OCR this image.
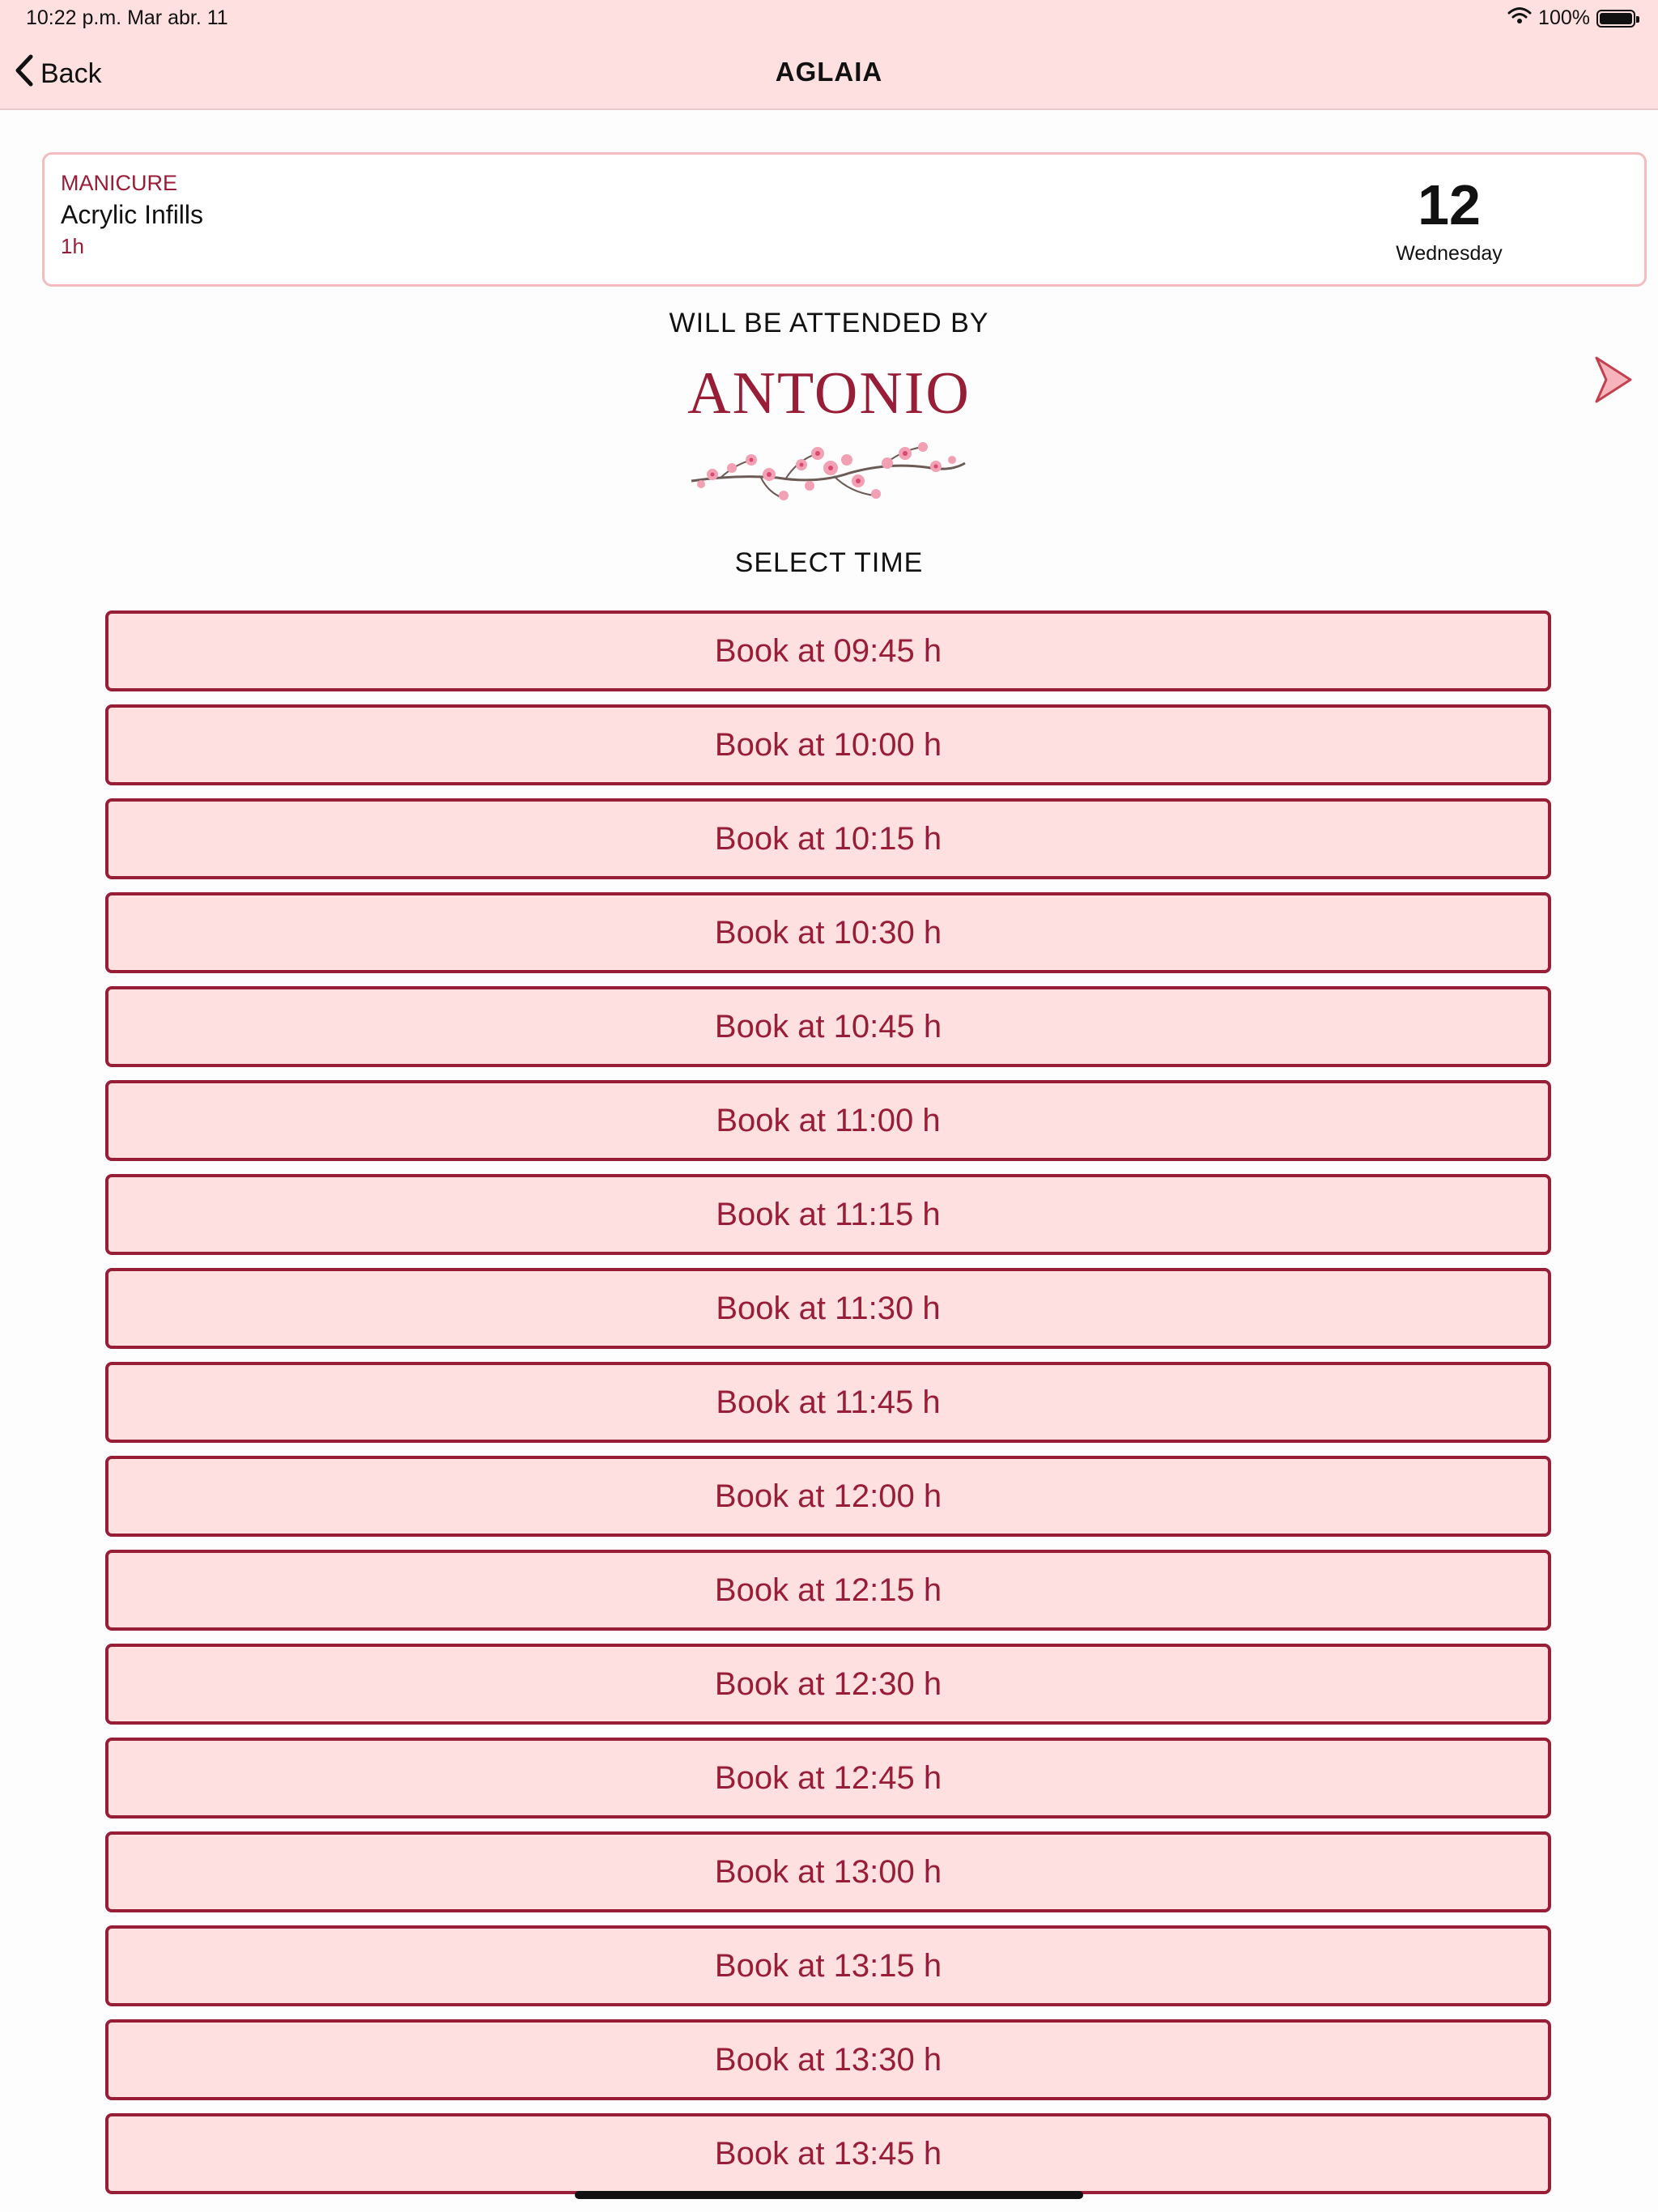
10:22 p.m. Mar abr. 11	100%
Back	AGLAIA
MANICURE
Acrylic Infills
1h
12
Wednesday
WILL BE ATTENDED BY
ANTONIO
SELECT TIME
Book at 09:45 h
Book at 10:00 h
Book at 10:15 h
Book at 10:30 h
Book at 10:45 h
Book at 11:00 h
Book at 11:15 h
Book at 11:30 h
Book at 11:45 h
Book at 12:00 h
Book at 12:15 h
Book at 12:30 h
Book at 12:45 h
Book at 13:00 h
Book at 13:15 h
Book at 13:30 h
Book at 13:45 h
